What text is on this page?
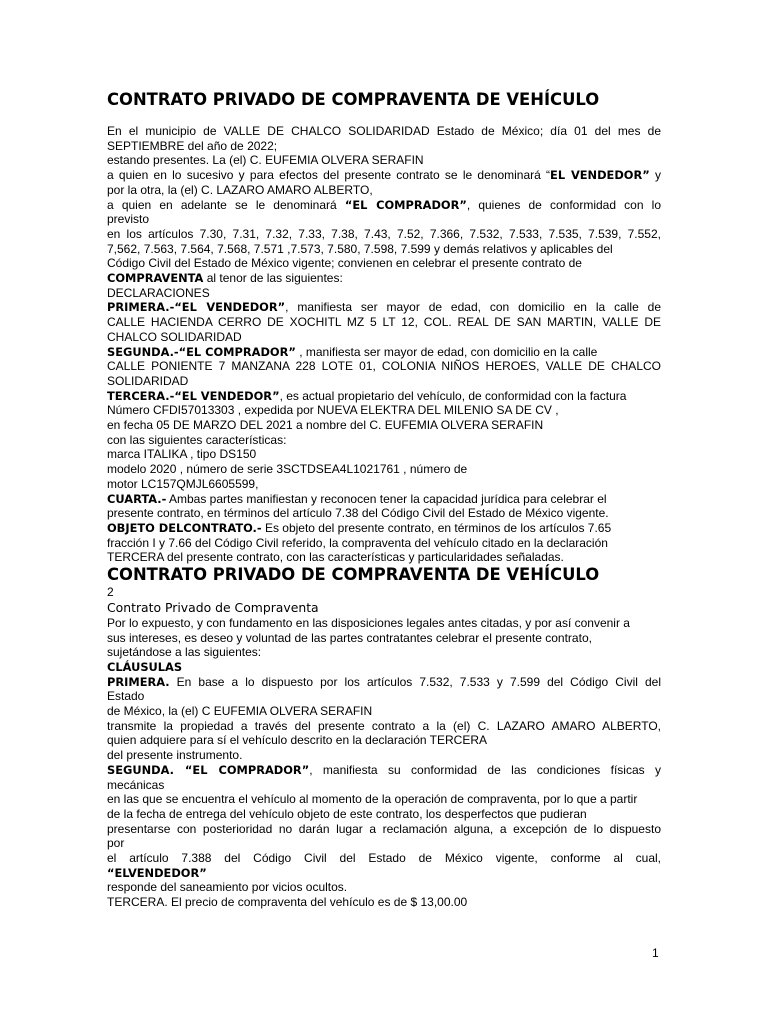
CONTRATO PRIVADO DE COMPRAVENTA DE VEHÍCULO
En el municipio de VALLE DE CHALCO SOLIDARIDAD Estado de México; día 01 del mes de
SEPTIEMBRE del año de 2022;
estando presentes. La (el) C. EUFEMIA OLVERA SERAFIN
a quien en lo sucesivo y para efectos del presente contrato se le denominará “EL VENDEDOR” y
por la otra, la (el) C. LAZARO AMARO ALBERTO,
a quien en adelante se le denominará “EL COMPRADOR”, quienes de conformidad con lo
previsto
en los artículos 7.30, 7.31, 7.32, 7.33, 7.38, 7.43, 7.52, 7.366, 7.532, 7.533, 7.535, 7.539, 7.552,
7,562, 7.563, 7.564, 7.568, 7.571 ,7.573, 7.580, 7.598, 7.599 y demás relativos y aplicables del
Código Civil del Estado de México vigente; convienen en celebrar el presente contrato de
COMPRAVENTA al tenor de las siguientes:
DECLARACIONES
PRIMERA.-“EL VENDEDOR”, manifiesta ser mayor de edad, con domicilio en la calle de
CALLE HACIENDA CERRO DE XOCHITL MZ 5 LT 12, COL. REAL DE SAN MARTIN, VALLE DE
CHALCO SOLIDARIDAD
SEGUNDA.-“EL COMPRADOR” , manifiesta ser mayor de edad, con domicilio en la calle
CALLE PONIENTE 7 MANZANA 228 LOTE 01, COLONIA NIÑOS HEROES, VALLE DE CHALCO
SOLIDARIDAD
TERCERA.-“EL VENDEDOR”, es actual propietario del vehículo, de conformidad con la factura
Número CFDI57013303 , expedida por NUEVA ELEKTRA DEL MILENIO SA DE CV ,
en fecha 05 DE MARZO DEL 2021 a nombre del C. EUFEMIA OLVERA SERAFIN
con las siguientes características:
marca ITALIKA , tipo DS150
modelo 2020 , número de serie 3SCTDSEA4L1021761 , número de
motor LC157QMJL6605599,
CUARTA.- Ambas partes manifiestan y reconocen tener la capacidad jurídica para celebrar el
presente contrato, en términos del artículo 7.38 del Código Civil del Estado de México vigente.
OBJETO DELCONTRATO.- Es objeto del presente contrato, en términos de los artículos 7.65
fracción I y 7.66 del Código Civil referido, la compraventa del vehículo citado en la declaración
TERCERA del presente contrato, con las características y particularidades señaladas.
CONTRATO PRIVADO DE COMPRAVENTA DE VEHÍCULO
2
Contrato Privado de Compraventa
Por lo expuesto, y con fundamento en las disposiciones legales antes citadas, y por así convenir a
sus intereses, es deseo y voluntad de las partes contratantes celebrar el presente contrato,
sujetándose a las siguientes:
CLÁUSULAS
PRIMERA. En base a lo dispuesto por los artículos 7.532, 7.533 y 7.599 del Código Civil del
Estado
de México, la (el) C EUFEMIA OLVERA SERAFIN
transmite la propiedad a través del presente contrato a la (el) C. LAZARO AMARO ALBERTO,
quien adquiere para sí el vehículo descrito en la declaración TERCERA
del presente instrumento.
SEGUNDA. “EL COMPRADOR”, manifiesta su conformidad de las condiciones físicas y
mecánicas
en las que se encuentra el vehículo al momento de la operación de compraventa, por lo que a partir
de la fecha de entrega del vehículo objeto de este contrato, los desperfectos que pudieran
presentarse con posterioridad no darán lugar a reclamación alguna, a excepción de lo dispuesto
por
el artículo 7.388 del Código Civil del Estado de México vigente, conforme al cual,
“ELVENDEDOR”
responde del saneamiento por vicios ocultos.
TERCERA. El precio de compraventa del vehículo es de $ 13,00.00
1
